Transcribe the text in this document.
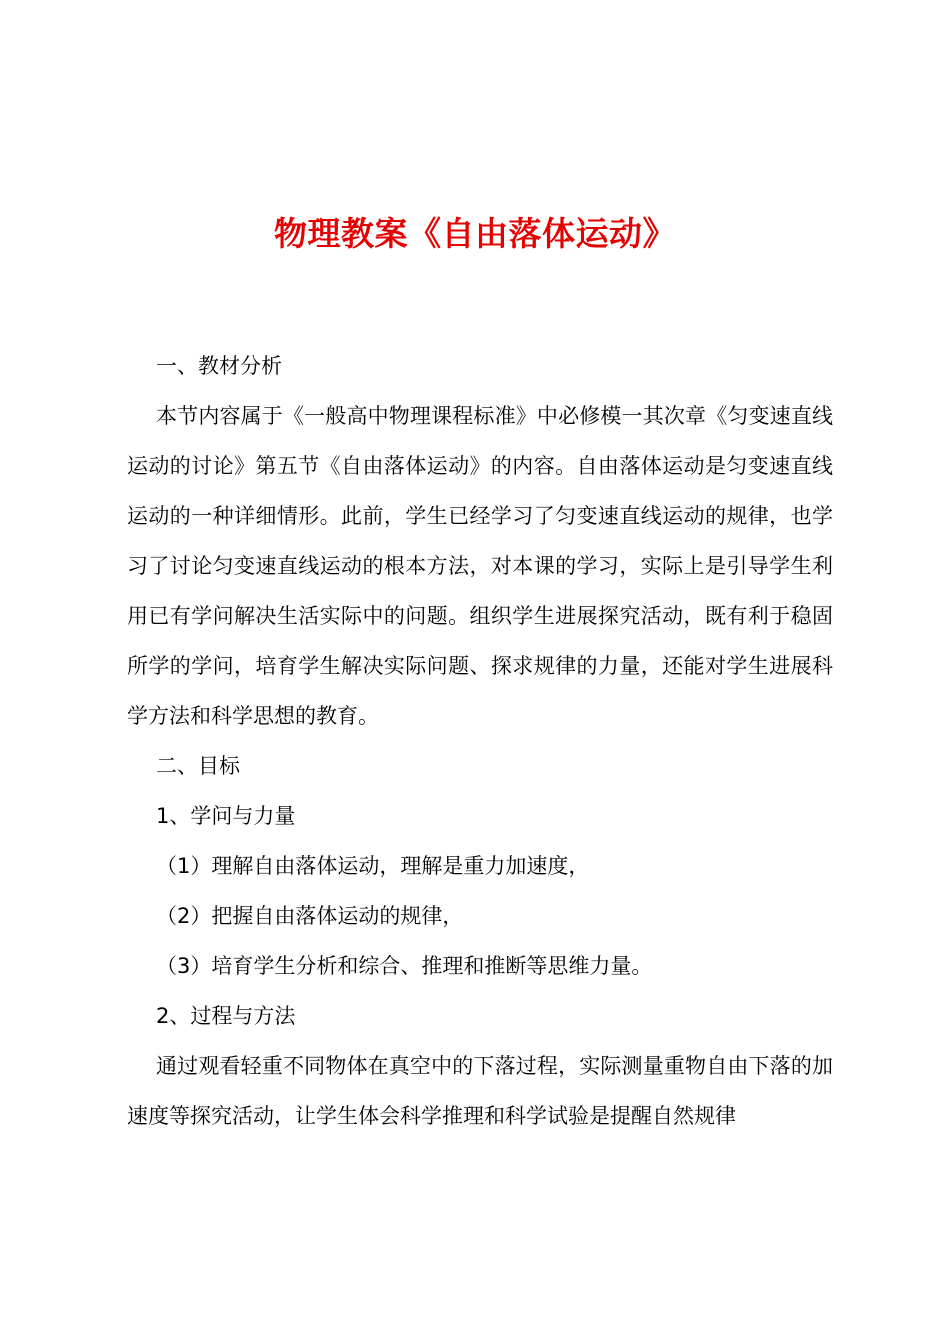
物理教案《自由落体运动》

一、教材分析

本节内容属于《一般高中物理课程标准》中必修模一其次章《匀变速直线运动的讨论》第五节《自由落体运动》的内容。自由落体运动是匀变速直线运动的一种详细情形。此前，学生已经学习了匀变速直线运动的规律，也学习了讨论匀变速直线运动的根本方法，对本课的学习，实际上是引导学生利用已有学问解决生活实际中的问题。组织学生进展探究活动，既有利于稳固所学的学问，培育学生解决实际问题、探求规律的力量，还能对学生进展科学方法和科学思想的教育。

二、目标

1、学问与力量

（1）理解自由落体运动，理解是重力加速度，

（2）把握自由落体运动的规律，

（3）培育学生分析和综合、推理和推断等思维力量。

2、过程与方法

通过观看轻重不同物体在真空中的下落过程，实际测量重物自由下落的加速度等探究活动，让学生体会科学推理和科学试验是提醒自然规律
